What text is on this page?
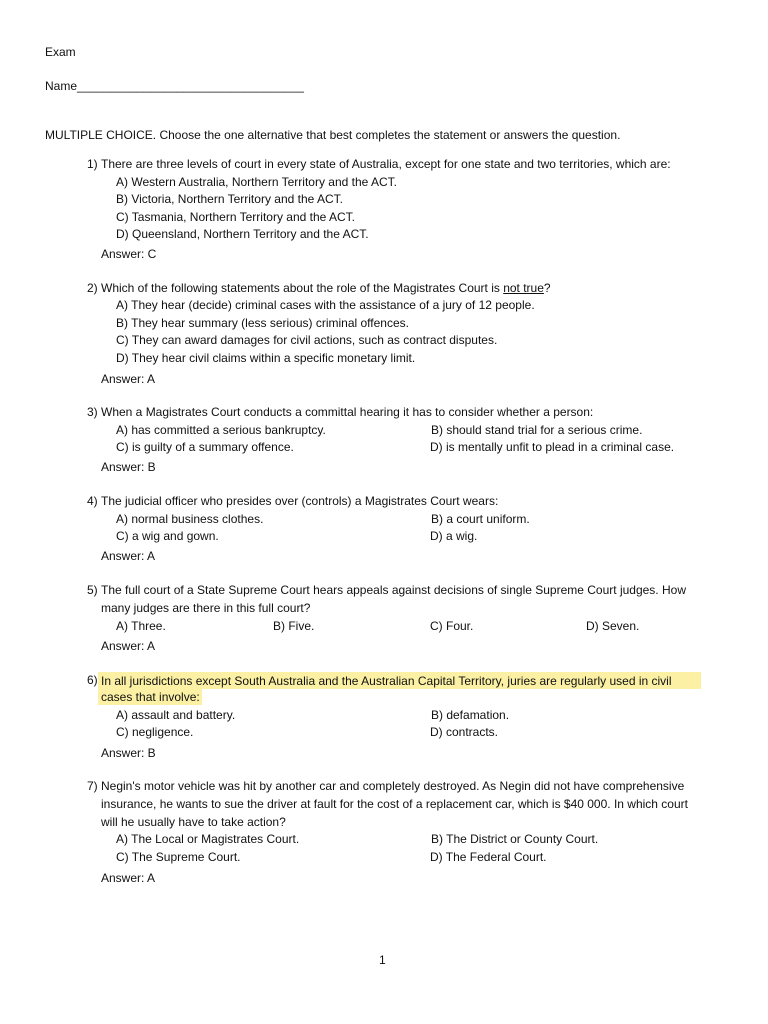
Exam
Name__________________________________
MULTIPLE CHOICE. Choose the one alternative that best completes the statement or answers the question.
1) There are three levels of court in every state of Australia, except for one state and two territories, which are:
A) Western Australia, Northern Territory and the ACT.
B) Victoria, Northern Territory and the ACT.
C) Tasmania, Northern Territory and the ACT.
D) Queensland, Northern Territory and the ACT.
Answer: C
2) Which of the following statements about the role of the Magistrates Court is not true?
A) They hear (decide) criminal cases with the assistance of a jury of 12 people.
B) They hear summary (less serious) criminal offences.
C) They can award damages for civil actions, such as contract disputes.
D) They hear civil claims within a specific monetary limit.
Answer: A
3) When a Magistrates Court conducts a committal hearing it has to consider whether a person:
A) has committed a serious bankruptcy.	B) should stand trial for a serious crime.
C) is guilty of a summary offence.	D) is mentally unfit to plead in a criminal case.
Answer: B
4) The judicial officer who presides over (controls) a Magistrates Court wears:
A) normal business clothes.	B) a court uniform.
C) a wig and gown.	D) a wig.
Answer: A
5) The full court of a State Supreme Court hears appeals against decisions of single Supreme Court judges. How
many judges are there in this full court?
A) Three.	B) Five.	C) Four.	D) Seven.
Answer: A
6) In all jurisdictions except South Australia and the Australian Capital Territory, juries are regularly used in civil
cases that involve:
A) assault and battery.	B) defamation.
C) negligence.	D) contracts.
Answer: B
7) Negin's motor vehicle was hit by another car and completely destroyed. As Negin did not have comprehensive
insurance, he wants to sue the driver at fault for the cost of a replacement car, which is $40 000. In which court
will he usually have to take action?
A) The Local or Magistrates Court.	B) The District or County Court.
C) The Supreme Court.	D) The Federal Court.
Answer: A
1
